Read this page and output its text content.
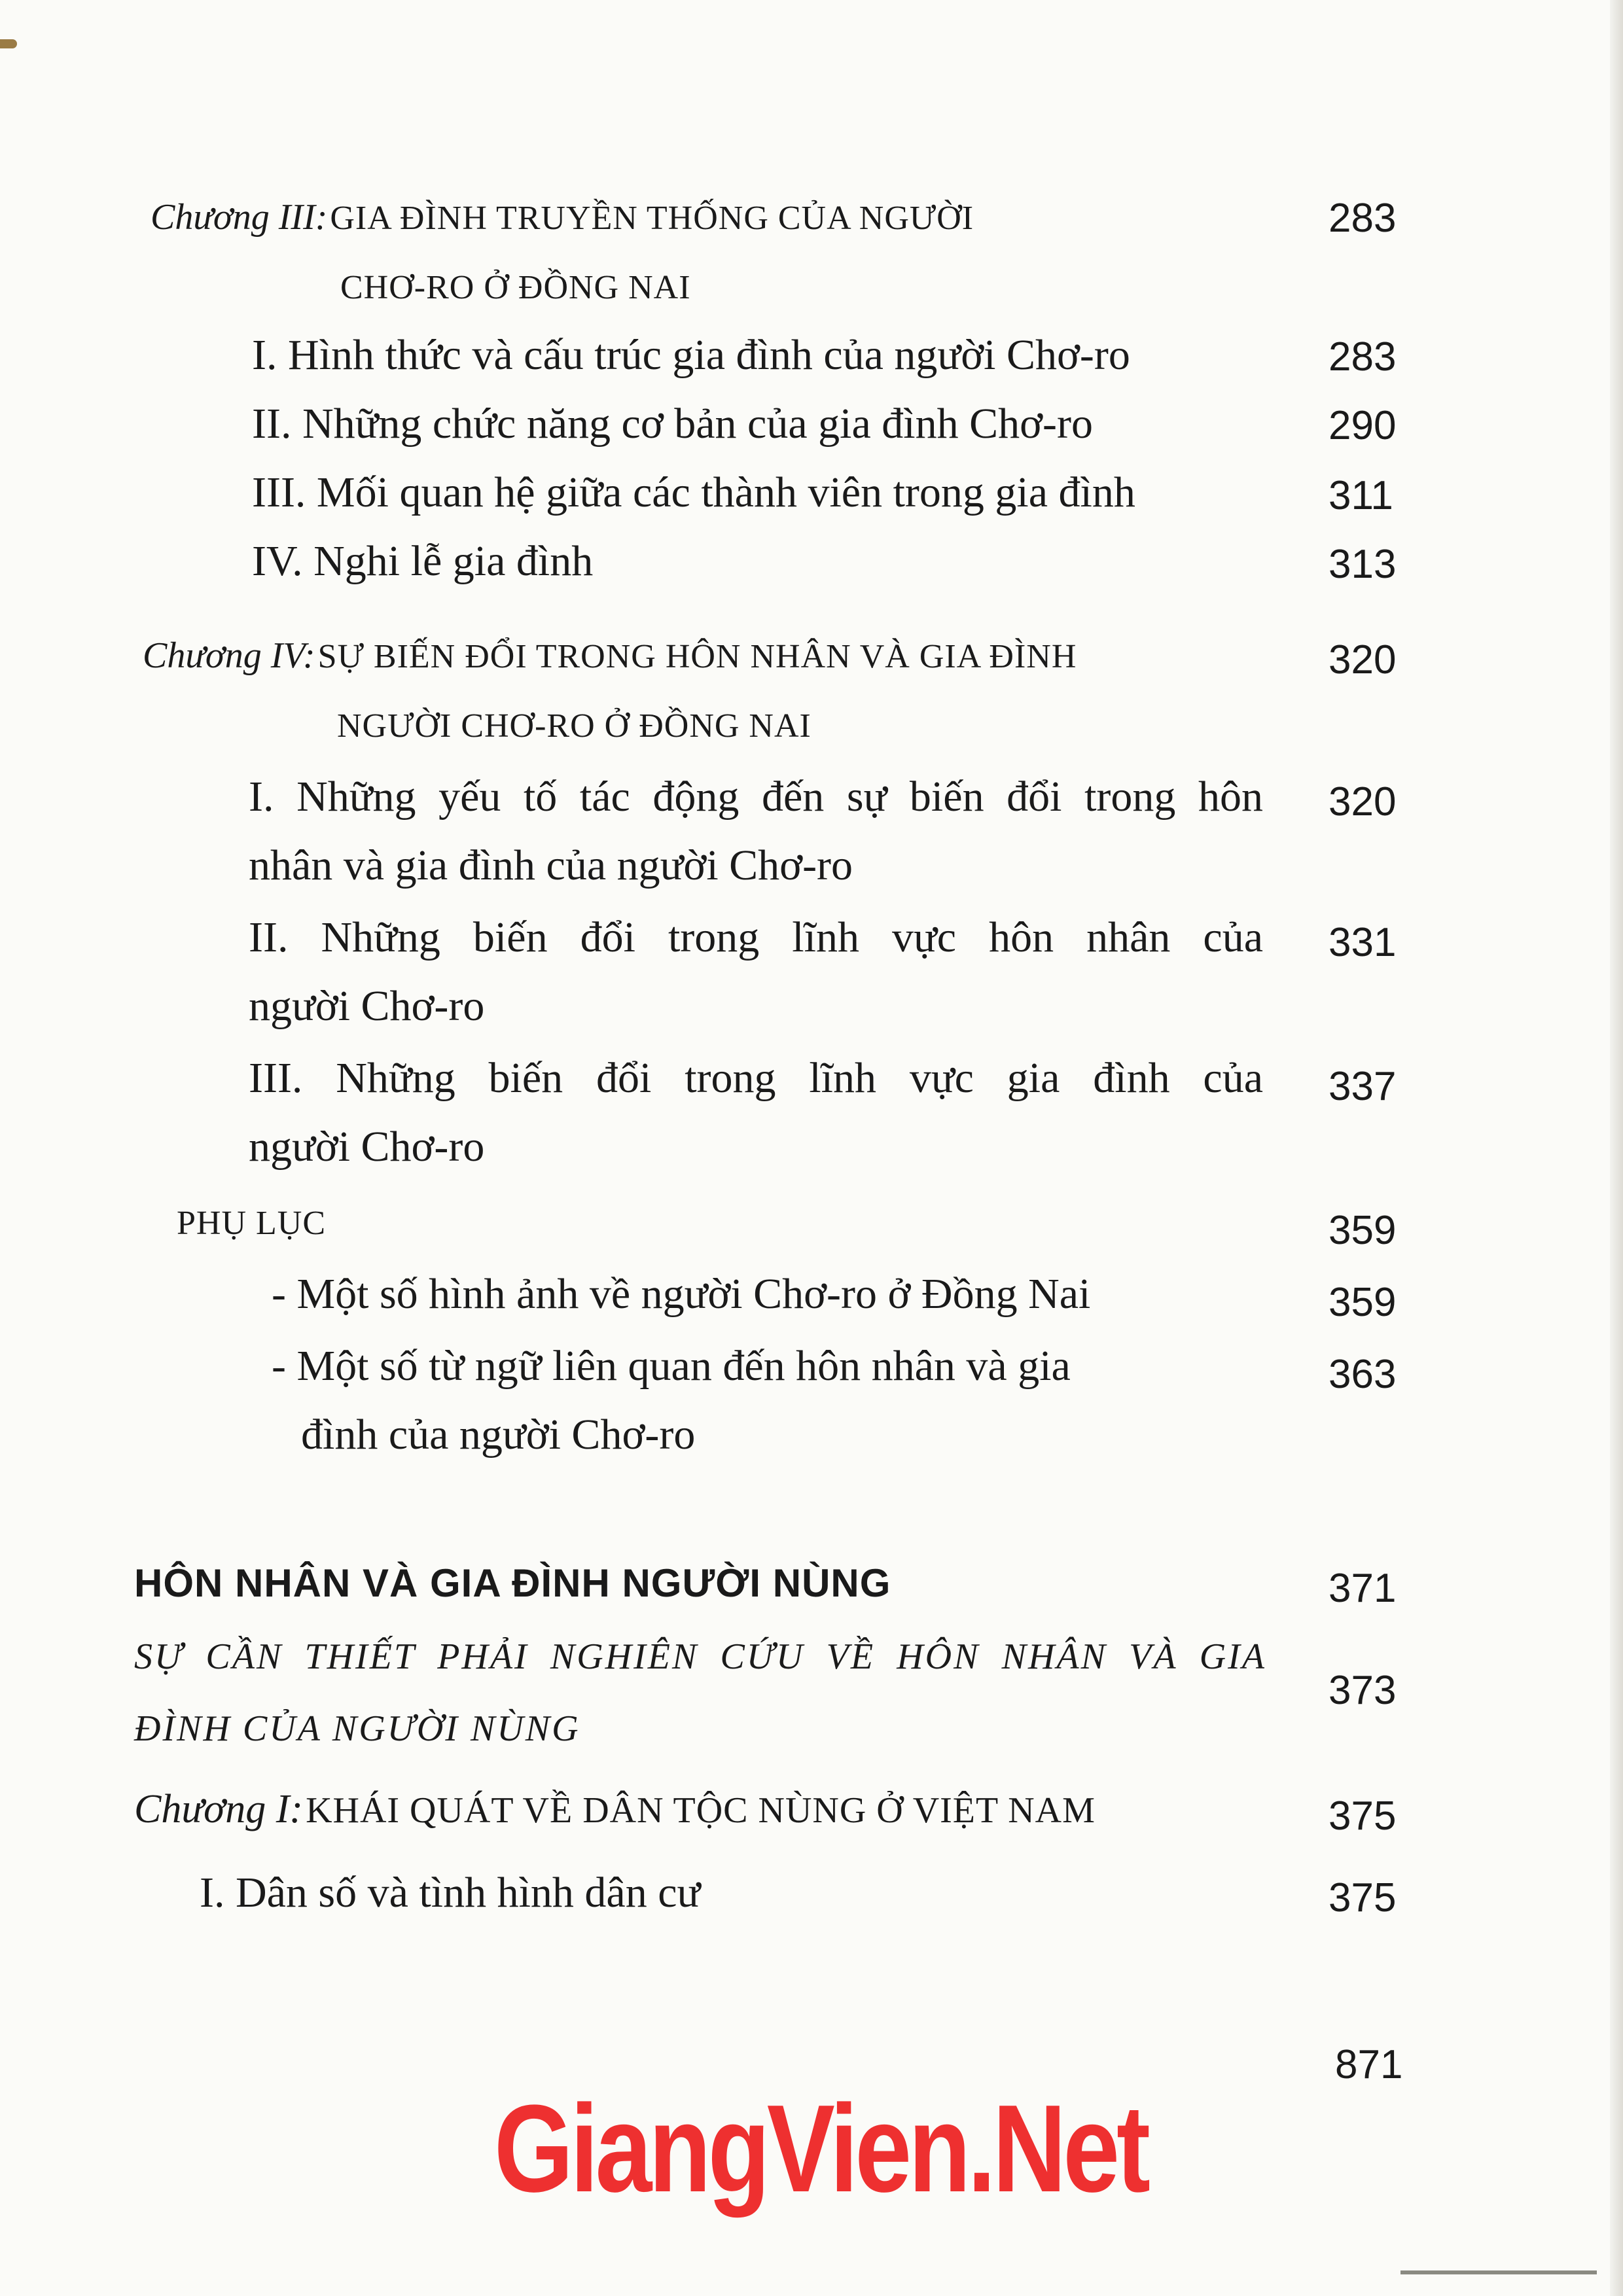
Chương III: GIA ĐÌNH TRUYỀN THỐNG CỦA NGƯỜI	283
CHƠ-RO Ở ĐỒNG NAI
I. Hình thức và cấu trúc gia đình của người Chơ-ro	283
II. Những chức năng cơ bản của gia đình Chơ-ro	290
III. Mối quan hệ giữa các thành viên trong gia đình	311
IV. Nghi lễ gia đình	313
Chương IV: SỰ BIẾN ĐỔI TRONG HÔN NHÂN VÀ GIA ĐÌNH	320
NGƯỜI CHƠ-RO Ở ĐỒNG NAI
I. Những yếu tố tác động đến sự biến đổi trong hôn
nhân và gia đình của người Chơ-ro
320
II. Những biến đổi trong lĩnh vực hôn nhân của
người Chơ-ro
331
III. Những biến đổi trong lĩnh vực gia đình của
người Chơ-ro
337
PHỤ LỤC	359
- Một số hình ảnh về người Chơ-ro ở Đồng Nai	359
- Một số từ ngữ liên quan đến hôn nhân và gia
đình của người Chơ-ro
363
HÔN NHÂN VÀ GIA ĐÌNH NGƯỜI NÙNG	371
SỰ CẦN THIẾT PHẢI NGHIÊN CỨU VỀ HÔN NHÂN VÀ GIA
ĐÌNH CỦA NGƯỜI NÙNG
373
Chương I: KHÁI QUÁT VỀ DÂN TỘC NÙNG Ở VIỆT NAM	375
I. Dân số và tình hình dân cư	375
871
GiangVien.Net
